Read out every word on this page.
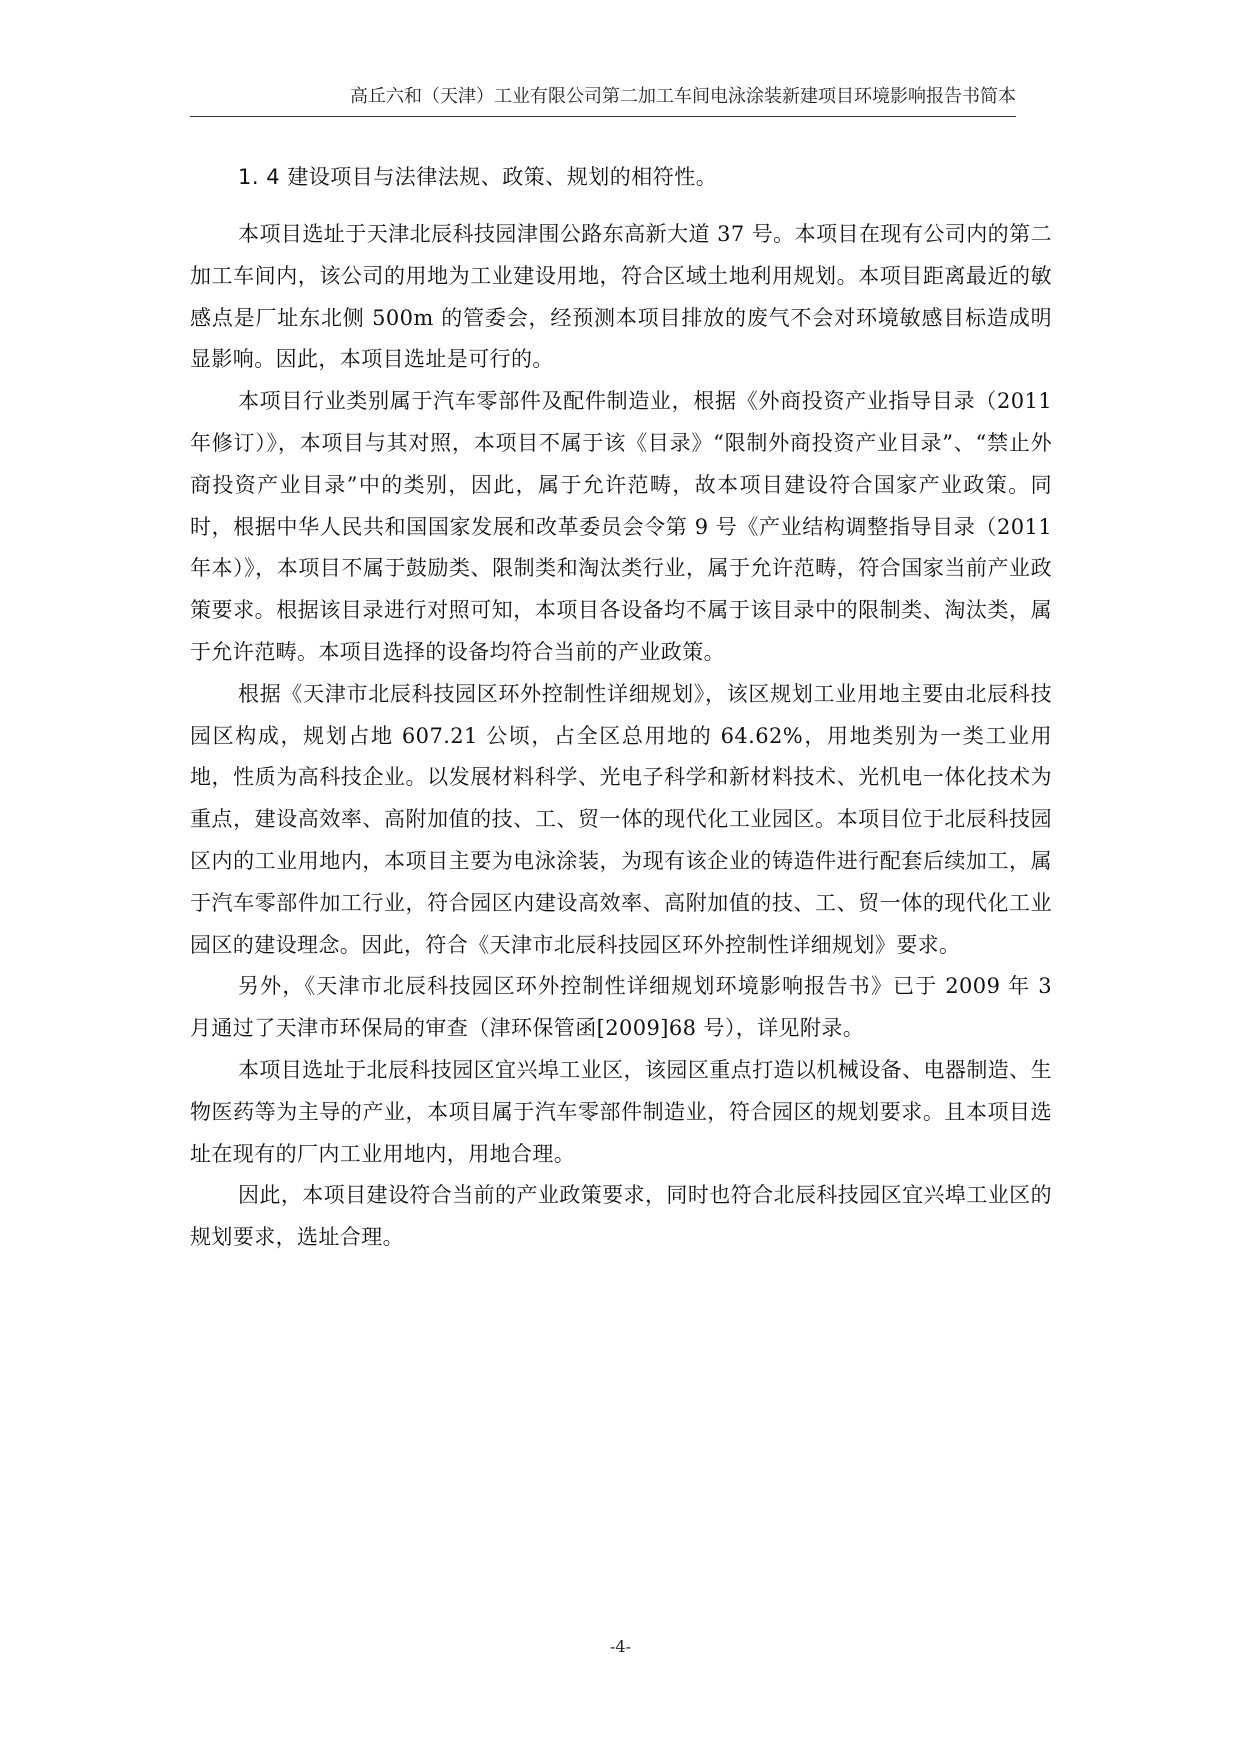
高丘六和（天津）工业有限公司第二加工车间电泳涂装新建项目环境影响报告书简本
1. 4 建设项目与法律法规、政策、规划的相符性。

本项目选址于天津北辰科技园津围公路东高新大道 37 号。本项目在现有公司内的第二加工车间内，该公司的用地为工业建设用地，符合区域土地利用规划。本项目距离最近的敏感点是厂址东北侧 500m 的管委会，经预测本项目排放的废气不会对环境敏感目标造成明显影响。因此，本项目选址是可行的。

本项目行业类别属于汽车零部件及配件制造业，根据《外商投资产业指导目录（2011 年修订）》，本项目与其对照，本项目不属于该《目录》“限制外商投资产业目录”、“禁止外商投资产业目录”中的类别，因此，属于允许范畴，故本项目建设符合国家产业政策。同时，根据中华人民共和国国家发展和改革委员会令第 9 号《产业结构调整指导目录（2011 年本）》，本项目不属于鼓励类、限制类和淘汰类行业，属于允许范畴，符合国家当前产业政策要求。根据该目录进行对照可知，本项目各设备均不属于该目录中的限制类、淘汰类，属于允许范畴。本项目选择的设备均符合当前的产业政策。

根据《天津市北辰科技园区环外控制性详细规划》，该区规划工业用地主要由北辰科技园区构成，规划占地 607.21 公顷，占全区总用地的 64.62%，用地类别为一类工业用地，性质为高科技企业。以发展材料科学、光电子科学和新材料技术、光机电一体化技术为重点，建设高效率、高附加值的技、工、贸一体的现代化工业园区。本项目位于北辰科技园区内的工业用地内，本项目主要为电泳涂装，为现有该企业的铸造件进行配套后续加工，属于汽车零部件加工行业，符合园区内建设高效率、高附加值的技、工、贸一体的现代化工业园区的建设理念。因此，符合《天津市北辰科技园区环外控制性详细规划》要求。

另外，《天津市北辰科技园区环外控制性详细规划环境影响报告书》已于 2009 年 3 月通过了天津市环保局的审查（津环保管函[2009]68 号），详见附录。

本项目选址于北辰科技园区宜兴埠工业区，该园区重点打造以机械设备、电器制造、生物医药等为主导的产业，本项目属于汽车零部件制造业，符合园区的规划要求。且本项目选址在现有的厂内工业用地内，用地合理。

因此，本项目建设符合当前的产业政策要求，同时也符合北辰科技园区宜兴埠工业区的规划要求，选址合理。

-4-
